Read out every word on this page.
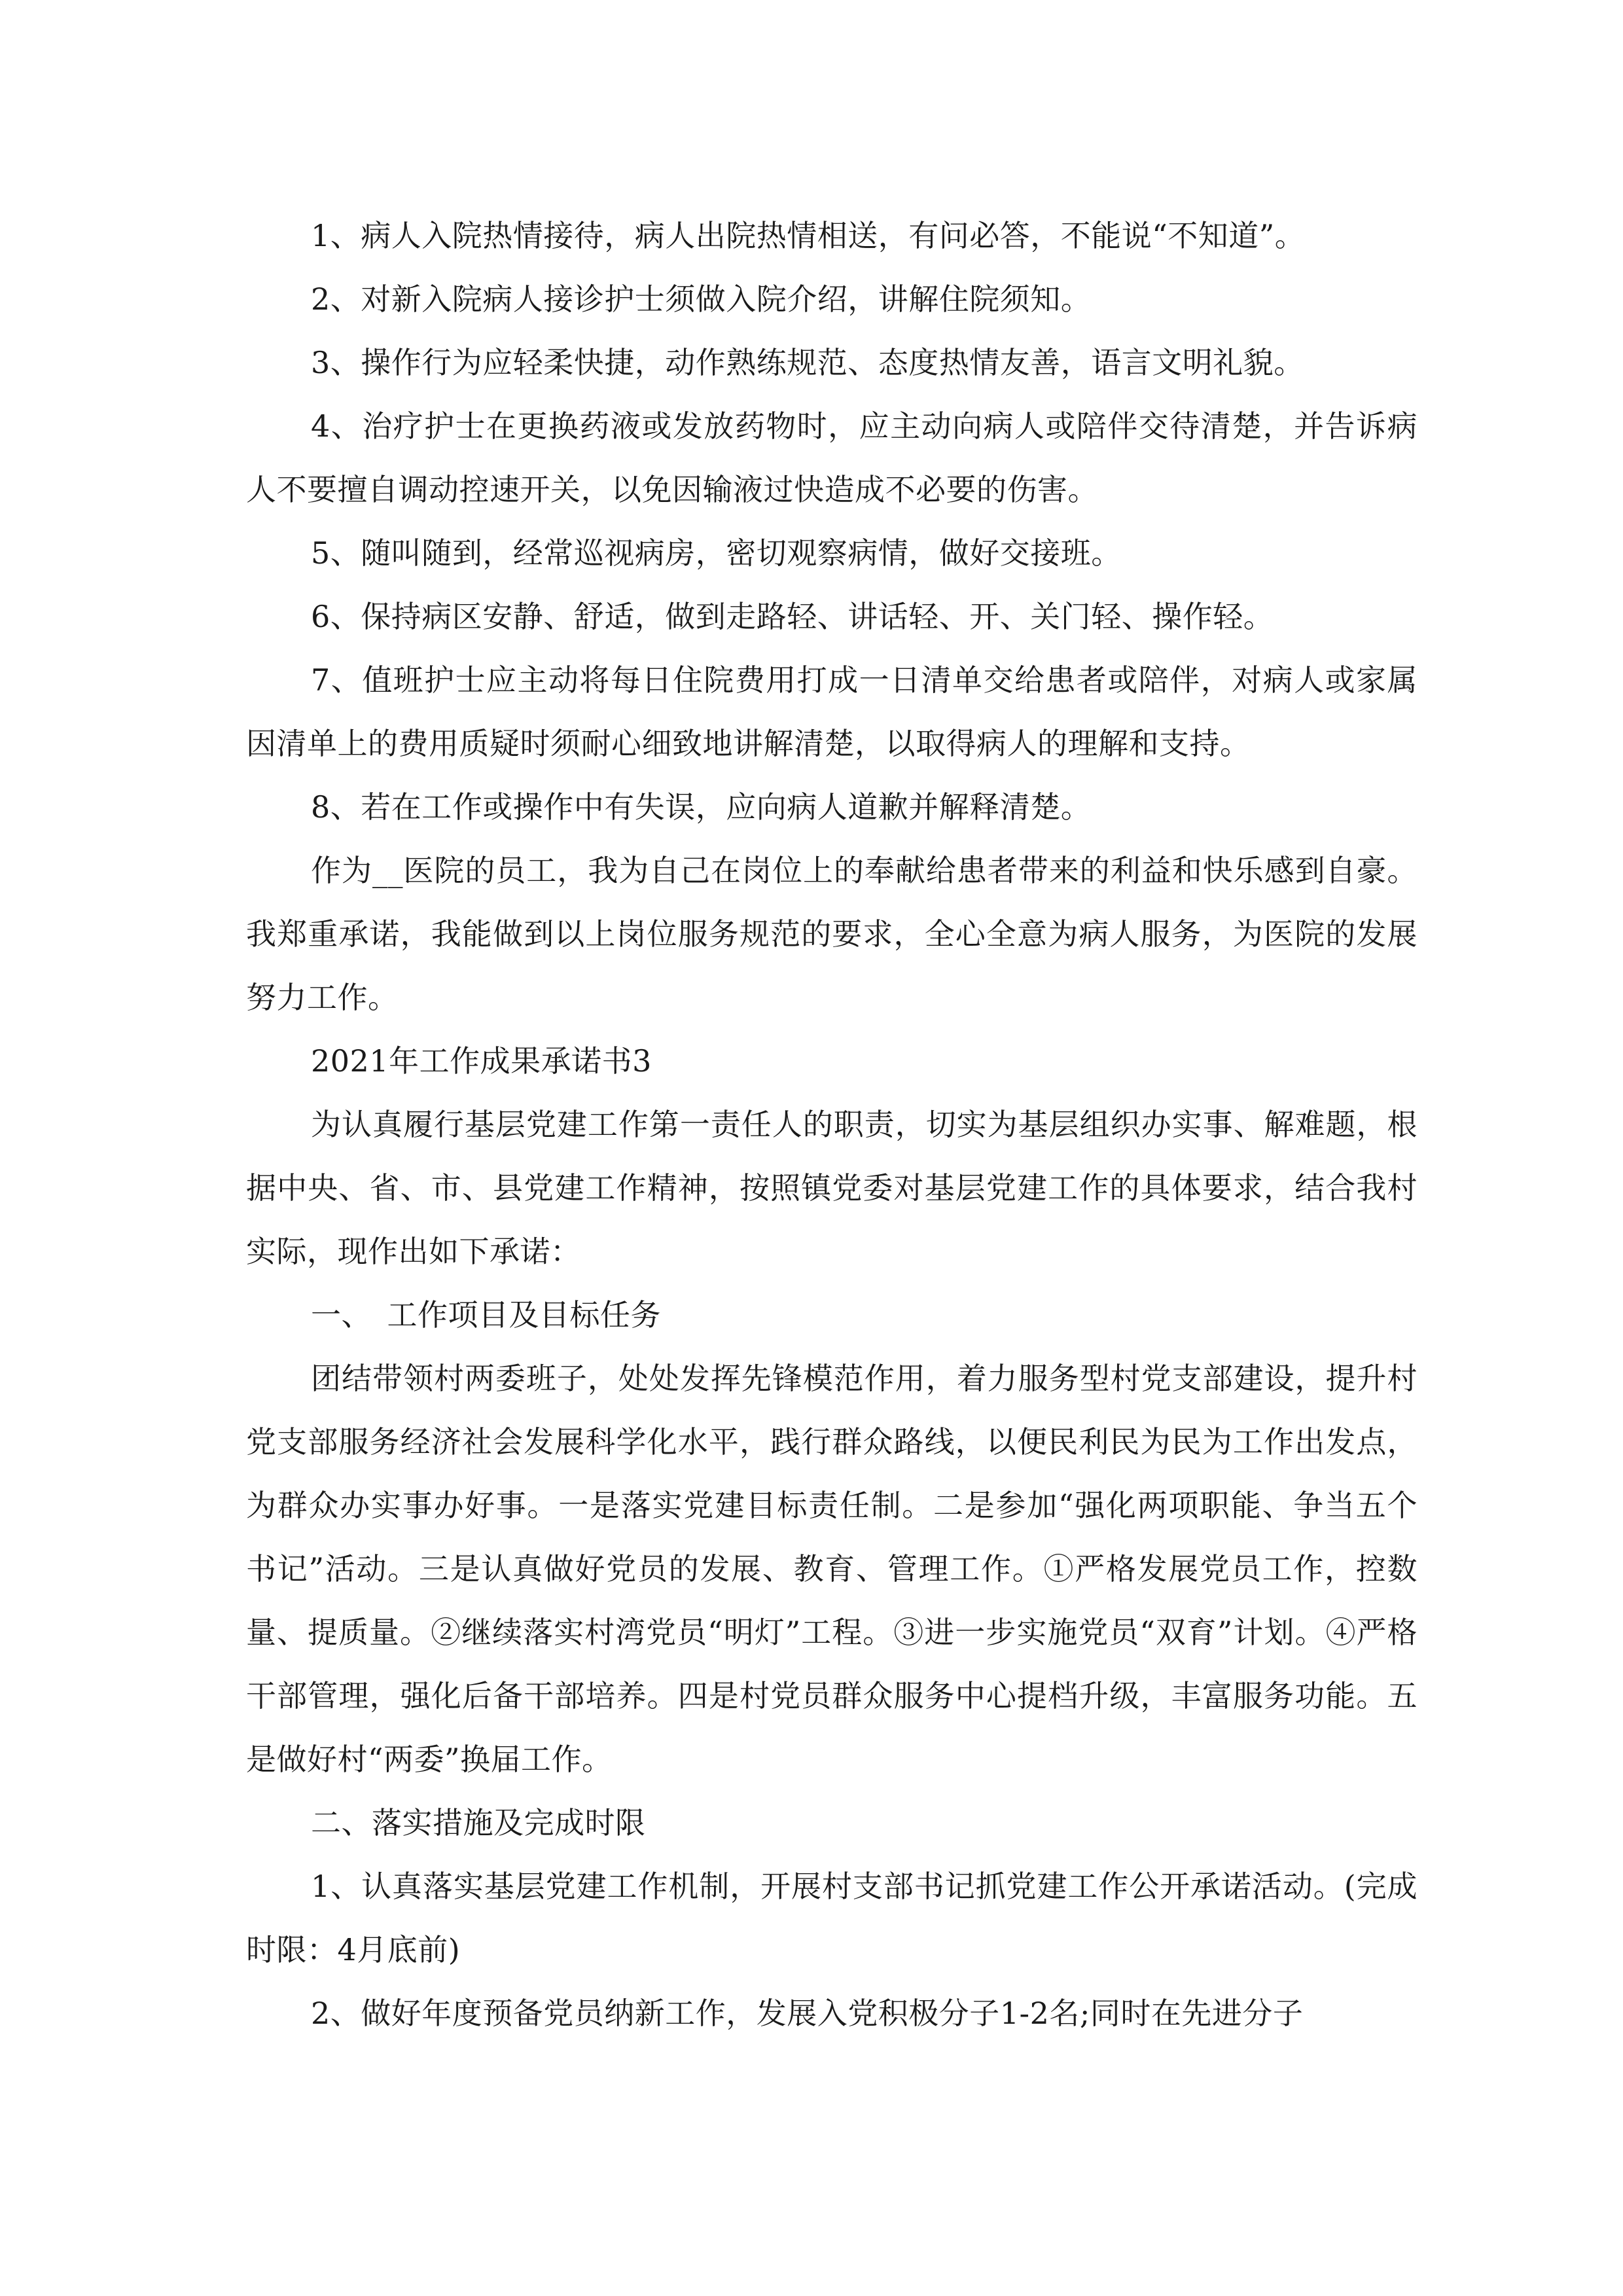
1、病人入院热情接待，病人出院热情相送，有问必答，不能说“不知道”。

2、对新入院病人接诊护士须做入院介绍，讲解住院须知。

3、操作行为应轻柔快捷，动作熟练规范、态度热情友善，语言文明礼貌。

4、治疗护士在更换药液或发放药物时，应主动向病人或陪伴交待清楚，并告诉病人不要擅自调动控速开关，以免因输液过快造成不必要的伤害。

5、随叫随到，经常巡视病房，密切观察病情，做好交接班。

6、保持病区安静、舒适，做到走路轻、讲话轻、开、关门轻、操作轻。

7、值班护士应主动将每日住院费用打成一日清单交给患者或陪伴，对病人或家属因清单上的费用质疑时须耐心细致地讲解清楚，以取得病人的理解和支持。

8、若在工作或操作中有失误，应向病人道歉并解释清楚。

作为__医院的员工，我为自己在岗位上的奉献给患者带来的利益和快乐感到自豪。我郑重承诺，我能做到以上岗位服务规范的要求，全心全意为病人服务，为医院的发展努力工作。

2021年工作成果承诺书3

为认真履行基层党建工作第一责任人的职责，切实为基层组织办实事、解难题，根据中央、省、市、县党建工作精神，按照镇党委对基层党建工作的具体要求，结合我村实际，现作出如下承诺：

一、　工作项目及目标任务

团结带领村两委班子，处处发挥先锋模范作用，着力服务型村党支部建设，提升村党支部服务经济社会发展科学化水平，践行群众路线，以便民利民为民为工作出发点，为群众办实事办好事。一是落实党建目标责任制。二是参加“强化两项职能、争当五个书记”活动。三是认真做好党员的发展、教育、管理工作。①严格发展党员工作，控数量、提质量。②继续落实村湾党员“明灯”工程。③进一步实施党员“双育”计划。④严格干部管理，强化后备干部培养。四是村党员群众服务中心提档升级，丰富服务功能。五是做好村“两委”换届工作。

二、落实措施及完成时限

1、认真落实基层党建工作机制，开展村支部书记抓党建工作公开承诺活动。(完成时限：4月底前)

2、做好年度预备党员纳新工作，发展入党积极分子1-2名;同时在先进分子
